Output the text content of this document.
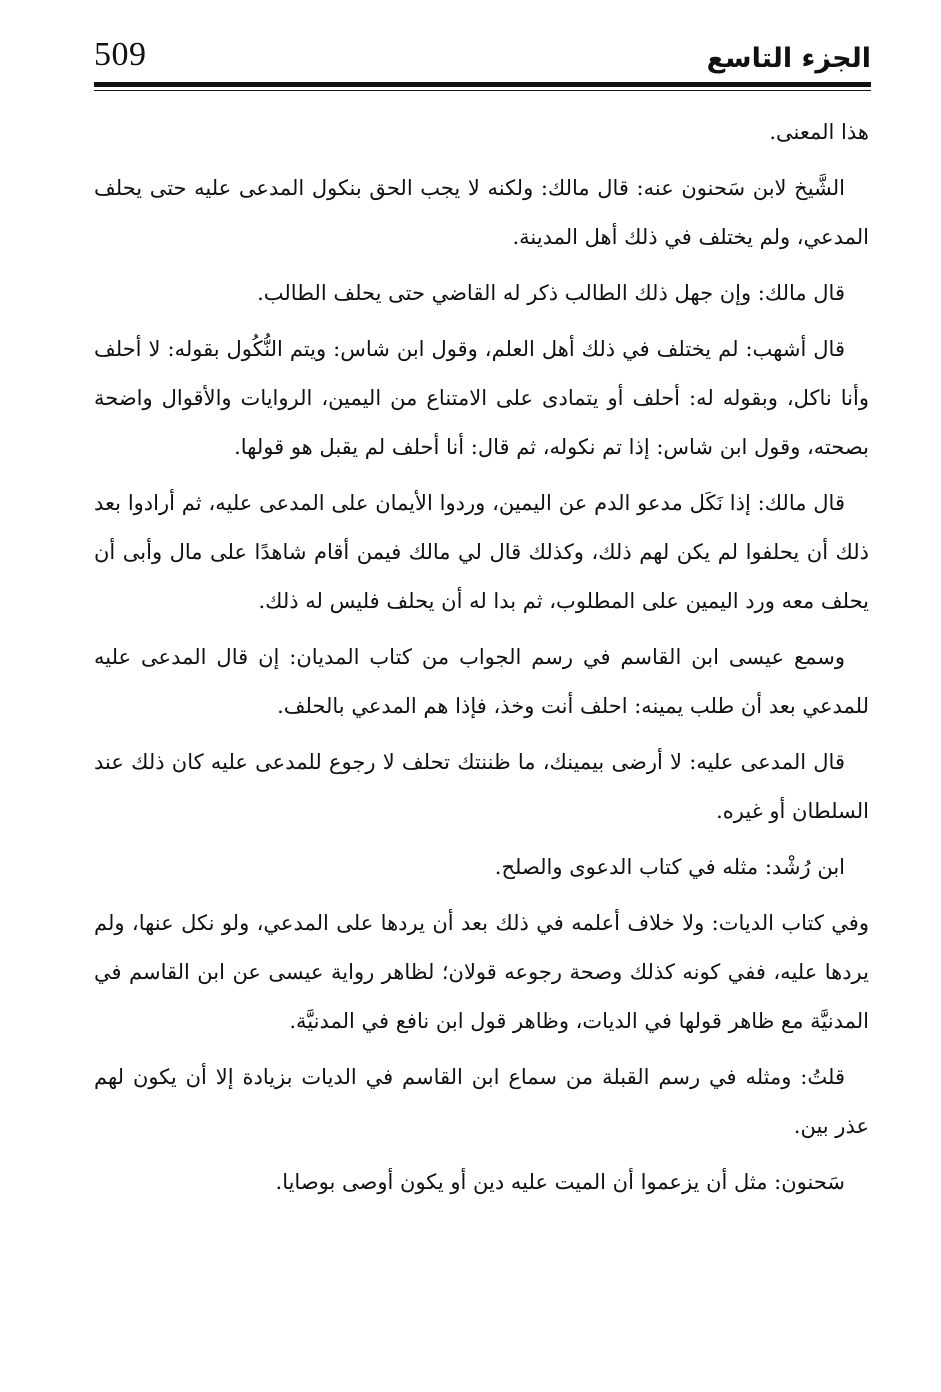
509	الجزء التاسع

هذا المعنى.

الشَّيخ لابن سَحنون عنه: قال مالك: ولكنه لا يجب الحق بنكول المدعى عليه حتى يحلف المدعي، ولم يختلف في ذلك أهل المدينة.

قال مالك: وإن جهل ذلك الطالب ذكر له القاضي حتى يحلف الطالب.

قال أشهب: لم يختلف في ذلك أهل العلم، وقول ابن شاس: ويتم النُّكُول بقوله: لا أحلف وأنا ناكل، وبقوله له: أحلف أو يتمادى على الامتناع من اليمين، الروايات والأقوال واضحة بصحته، وقول ابن شاس: إذا تم نكوله، ثم قال: أنا أحلف لم يقبل هو قولها.

قال مالك: إذا نَكَل مدعو الدم عن اليمين، وردوا الأيمان على المدعى عليه، ثم أرادوا بعد ذلك أن يحلفوا لم يكن لهم ذلك، وكذلك قال لي مالك فيمن أقام شاهدًا على مال وأبى أن يحلف معه ورد اليمين على المطلوب، ثم بدا له أن يحلف فليس له ذلك.

وسمع عيسى ابن القاسم في رسم الجواب من كتاب المديان: إن قال المدعى عليه للمدعي بعد أن طلب يمينه: احلف أنت وخذ، فإذا هم المدعي بالحلف.

قال المدعى عليه: لا أرضى بيمينك، ما ظننتك تحلف لا رجوع للمدعى عليه كان ذلك عند السلطان أو غيره.

ابن رُشْد: مثله في كتاب الدعوى والصلح.

وفي كتاب الديات: ولا خلاف أعلمه في ذلك بعد أن يردها على المدعي، ولو نكل عنها، ولم يردها عليه، ففي كونه كذلك وصحة رجوعه قولان؛ لظاهر رواية عيسى عن ابن القاسم في المدنيَّة مع ظاهر قولها في الديات، وظاهر قول ابن نافع في المدنيَّة.

قلتُ: ومثله في رسم القبلة من سماع ابن القاسم في الديات بزيادة إلا أن يكون لهم عذر بين.

سَحنون: مثل أن يزعموا أن الميت عليه دين أو يكون أوصى بوصايا.
